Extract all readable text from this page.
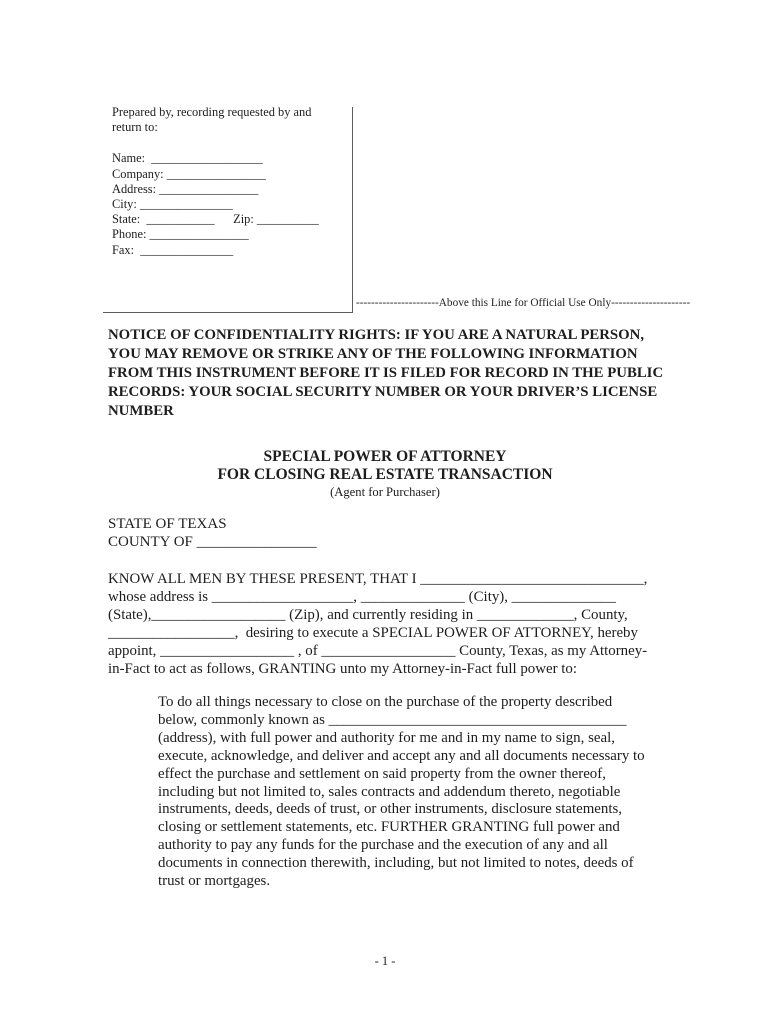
Prepared by, recording requested by and
return to:
Name:  __________________
Company: ________________
Address: ________________
City: _______________
State:  ___________      Zip: __________
Phone: ________________
Fax:  _______________
----------------------Above this Line for Official Use Only---------------------
NOTICE OF CONFIDENTIALITY RIGHTS: IF YOU ARE A NATURAL PERSON,
YOU MAY REMOVE OR STRIKE ANY OF THE FOLLOWING INFORMATION
FROM THIS INSTRUMENT BEFORE IT IS FILED FOR RECORD IN THE PUBLIC
RECORDS: YOUR SOCIAL SECURITY NUMBER OR YOUR DRIVER’S LICENSE
NUMBER
SPECIAL POWER OF ATTORNEY
FOR CLOSING REAL ESTATE TRANSACTION
(Agent for Purchaser)
STATE OF TEXAS
COUNTY OF ________________
KNOW ALL MEN BY THESE PRESENT, THAT I ______________________________,
whose address is ___________________, ______________ (City), ______________
(State),__________________ (Zip), and currently residing in _____________, County,
_________________,  desiring to execute a SPECIAL POWER OF ATTORNEY, hereby
appoint, __________________ , of __________________ County, Texas, as my Attorney-
in-Fact to act as follows, GRANTING unto my Attorney-in-Fact full power to:
To do all things necessary to close on the purchase of the property described
below, commonly known as ________________________________________
(address), with full power and authority for me and in my name to sign, seal,
execute, acknowledge, and deliver and accept any and all documents necessary to
effect the purchase and settlement on said property from the owner thereof,
including but not limited to, sales contracts and addendum thereto, negotiable
instruments, deeds, deeds of trust, or other instruments, disclosure statements,
closing or settlement statements, etc. FURTHER GRANTING full power and
authority to pay any funds for the purchase and the execution of any and all
documents in connection therewith, including, but not limited to notes, deeds of
trust or mortgages.
- 1 -
